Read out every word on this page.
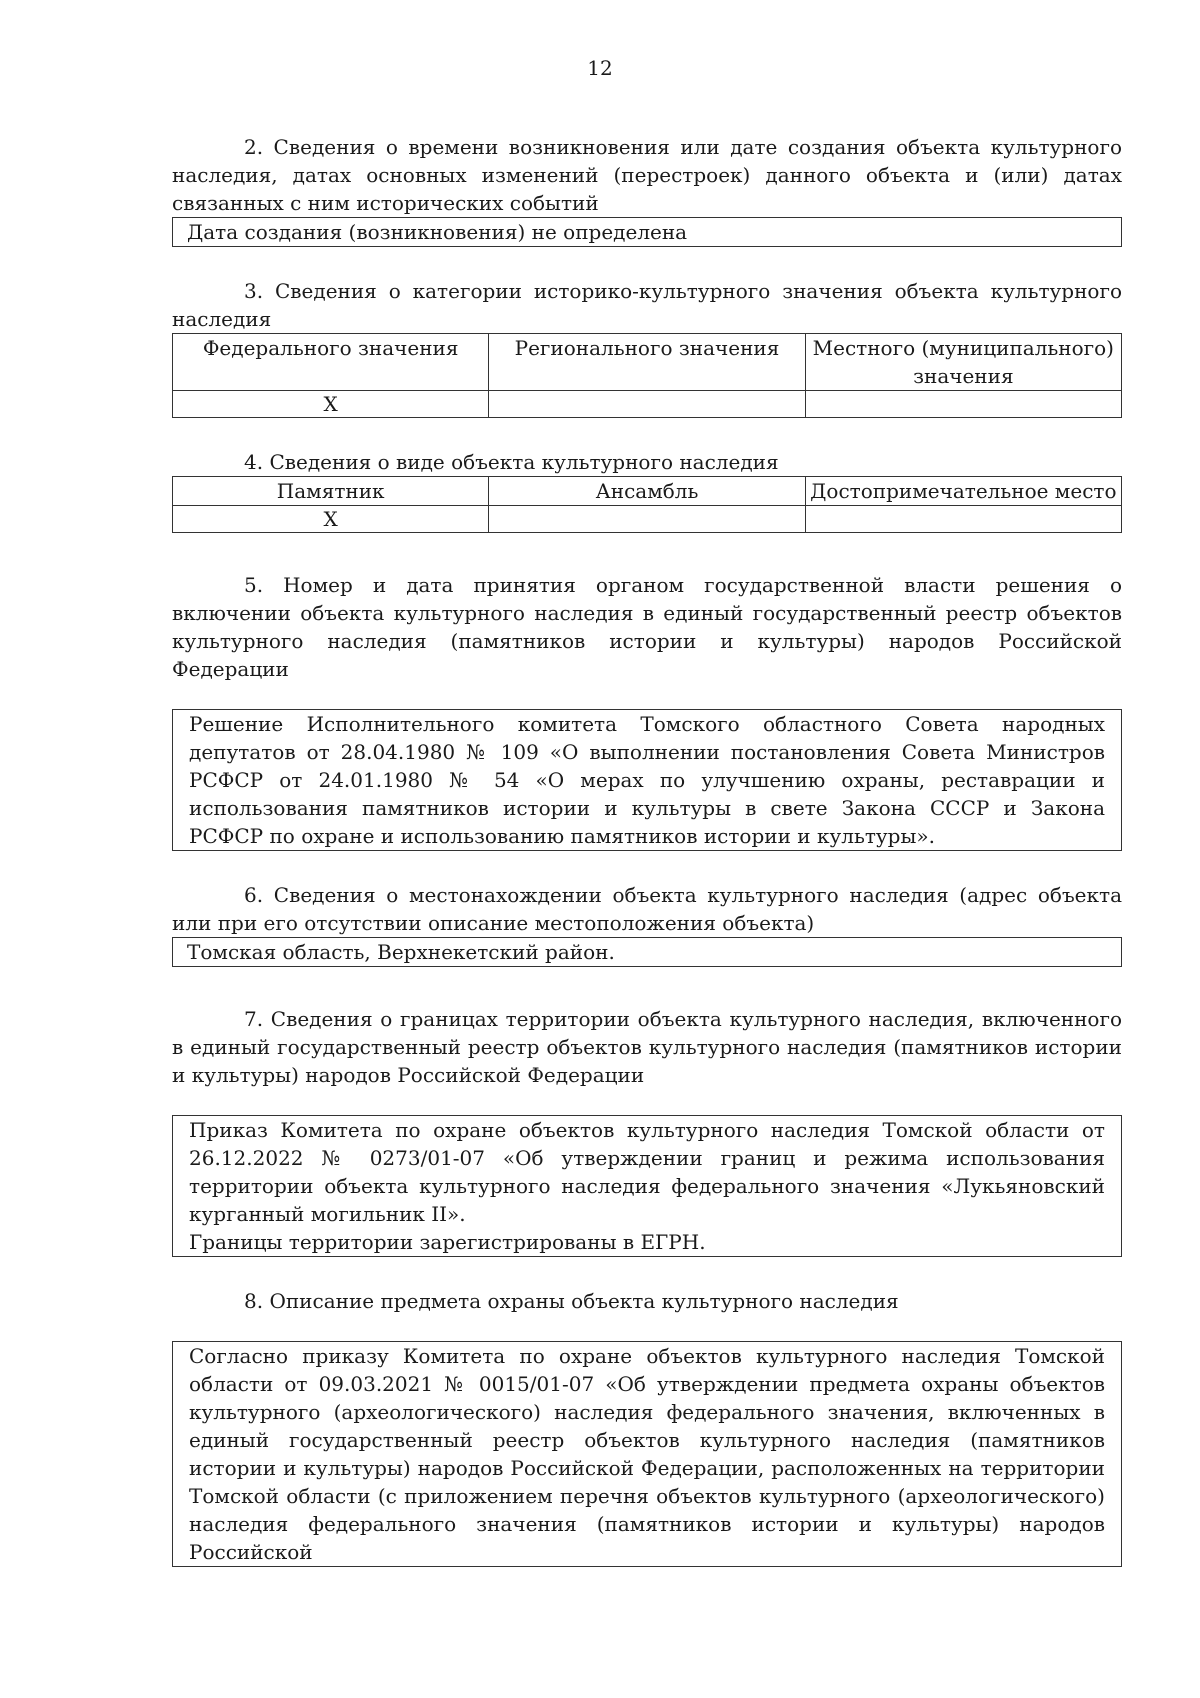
12

2. Сведения о времени возникновения или дате создания объекта культурного наследия, датах основных изменений (перестроек) данного объекта и (или) датах связанных с ним исторических событий

Дата создания (возникновения) не определена

3. Сведения о категории историко-культурного значения объекта культурного наследия

Федерального значения	Регионального значения	Местного (муниципального) значения
Х		

4. Сведения о виде объекта культурного наследия

Памятник	Ансамбль	Достопримечательное место
Х		

5. Номер и дата принятия органом государственной власти решения о включении объекта культурного наследия в единый государственный реестр объектов культурного наследия (памятников истории и культуры) народов Российской Федерации

Решение Исполнительного комитета Томского областного Совета народных депутатов от 28.04.1980 № 109 «О выполнении постановления Совета Министров РСФСР от 24.01.1980 № 54 «О мерах по улучшению охраны, реставрации и использования памятников истории и культуры в свете Закона СССР и Закона РСФСР по охране и использованию памятников истории и культуры».

6. Сведения о местонахождении объекта культурного наследия (адрес объекта или при его отсутствии описание местоположения объекта)

Томская область, Верхнекетский район.

7. Сведения о границах территории объекта культурного наследия, включенного в единый государственный реестр объектов культурного наследия (памятников истории и культуры) народов Российской Федерации

Приказ Комитета по охране объектов культурного наследия Томской области от 26.12.2022 № 0273/01-07 «Об утверждении границ и режима использования территории объекта культурного наследия федерального значения «Лукьяновский курганный могильник II».
Границы территории зарегистрированы в ЕГРН.

8. Описание предмета охраны объекта культурного наследия

Согласно приказу Комитета по охране объектов культурного наследия Томской области от 09.03.2021 № 0015/01-07 «Об утверждении предмета охраны объектов культурного (археологического) наследия федерального значения, включенных в единый государственный реестр объектов культурного наследия (памятников истории и культуры) народов Российской Федерации, расположенных на территории Томской области (с приложением перечня объектов культурного (археологического) наследия федерального значения (памятников истории и культуры) народов Российской
